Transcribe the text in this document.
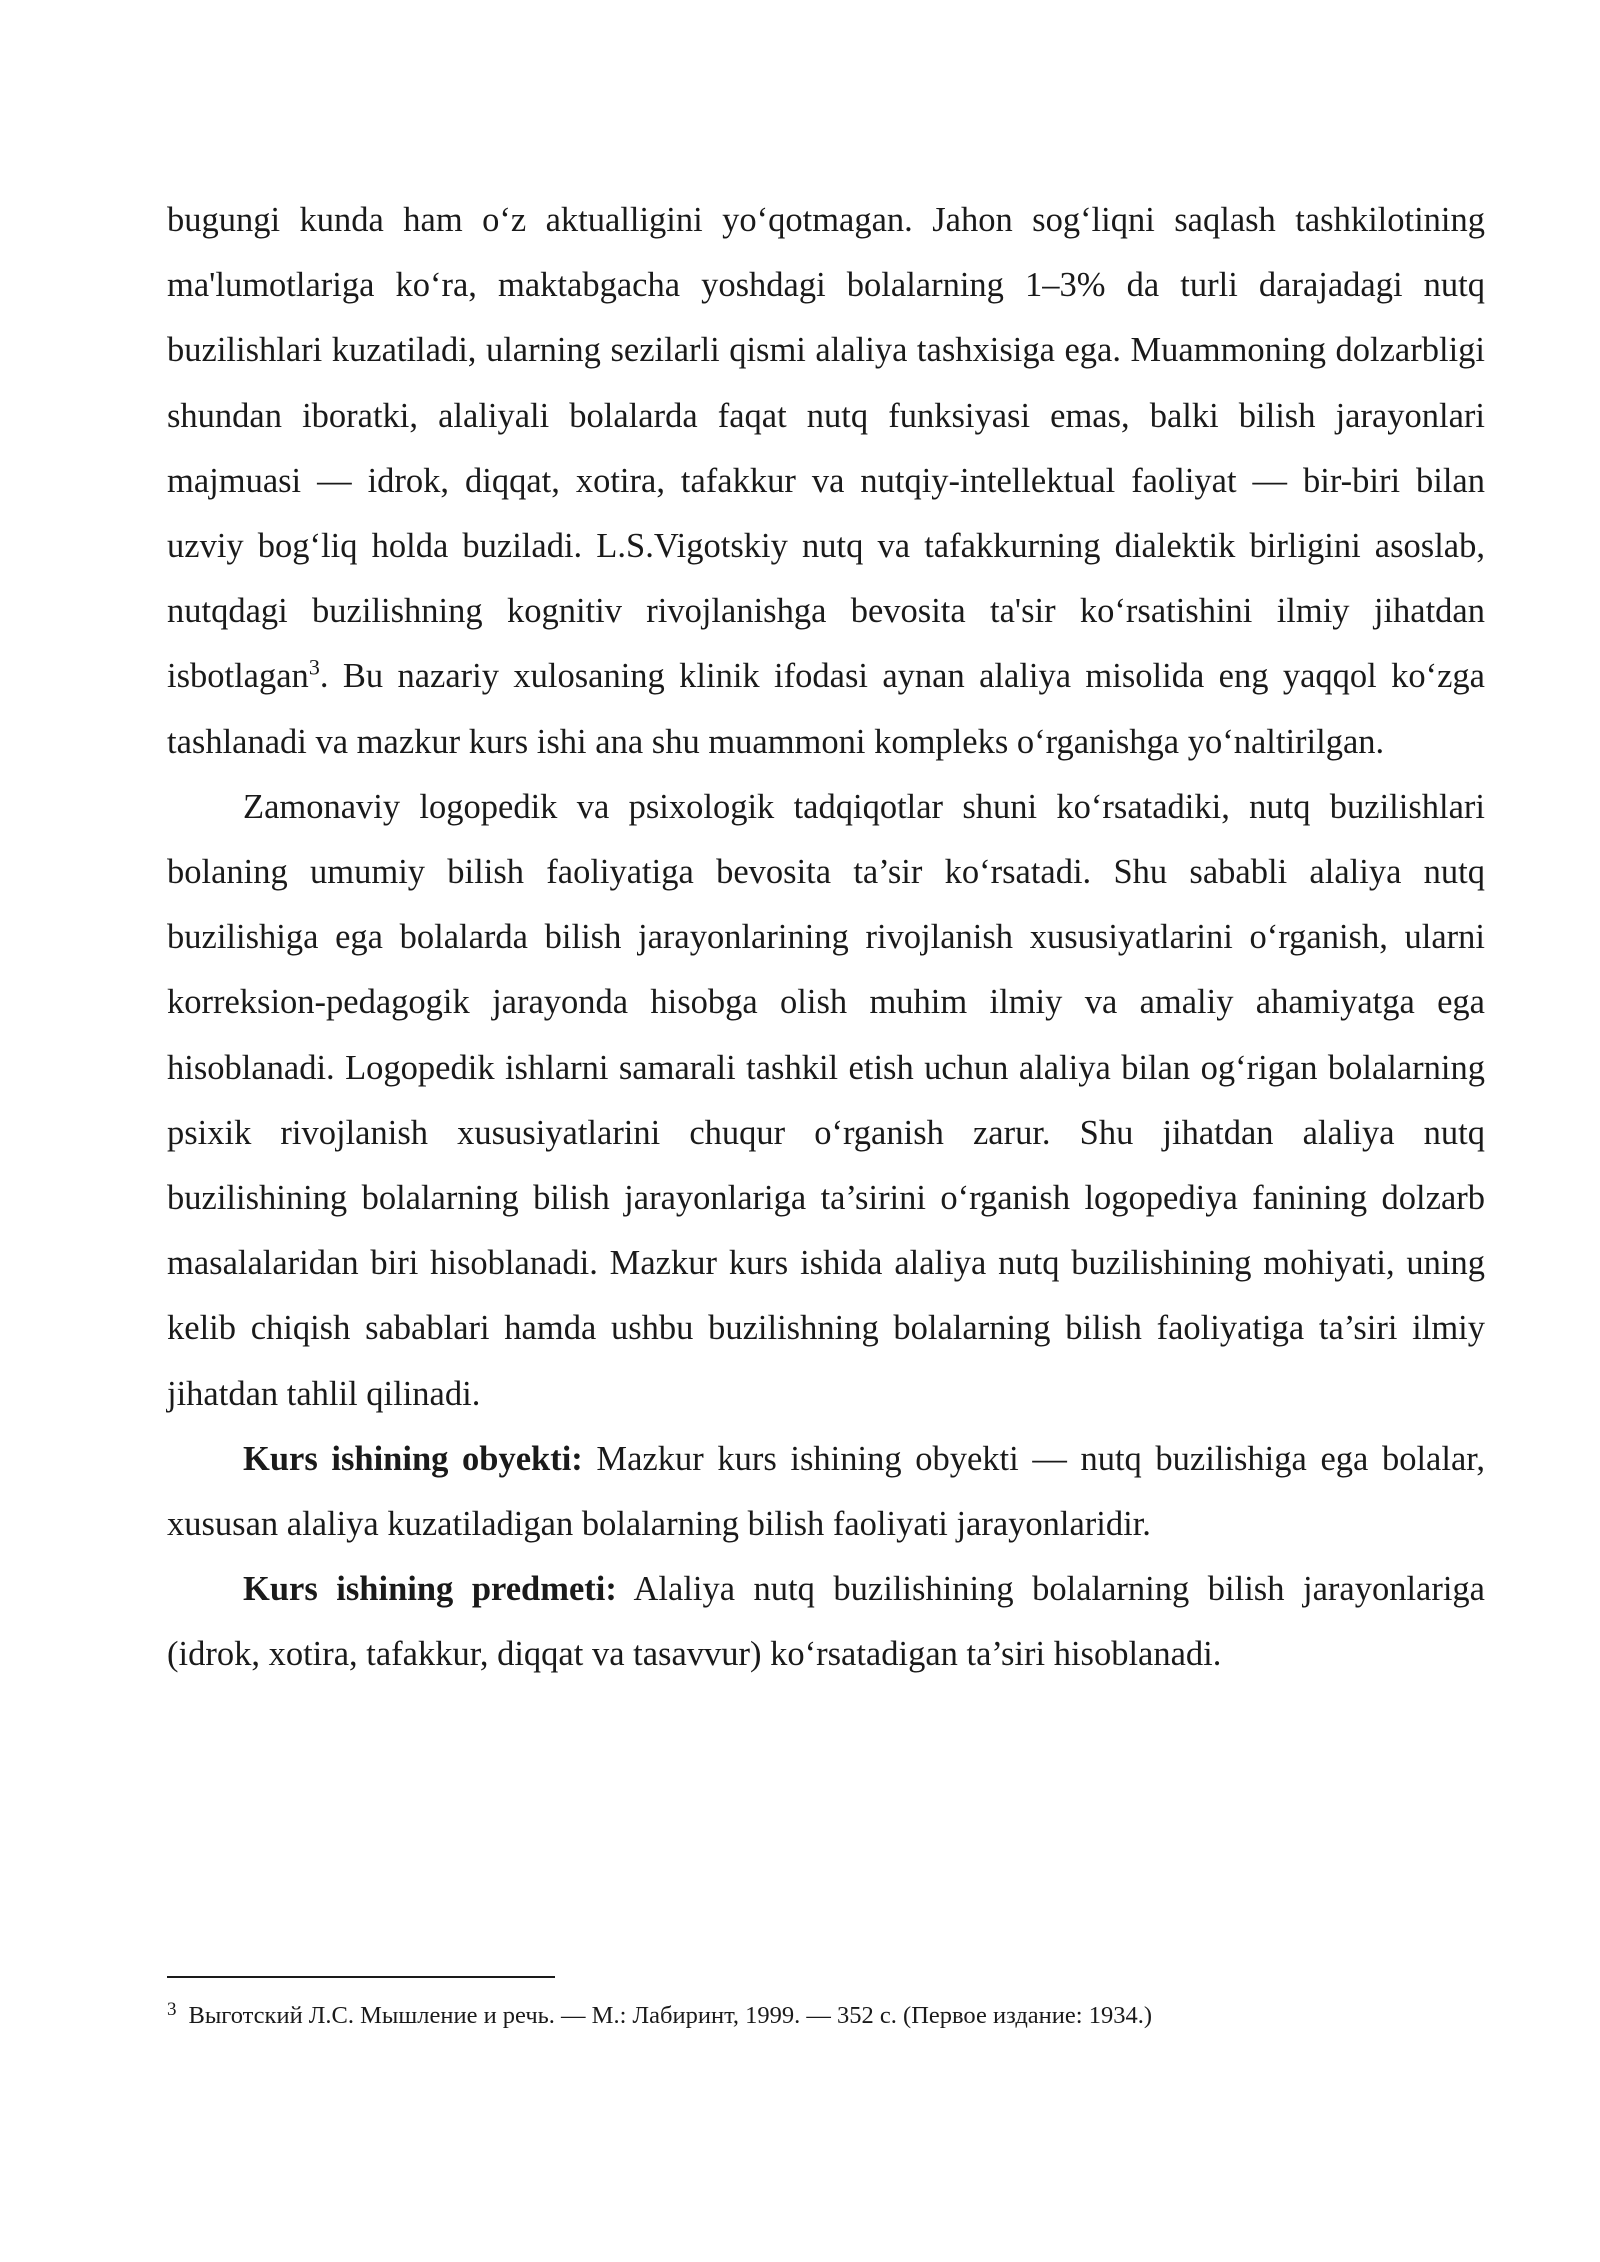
bugungi kunda ham o‘z aktualligini yo‘qotmagan. Jahon sog‘liqni saqlash tashkilotining ma'lumotlariga ko‘ra, maktabgacha yoshdagi bolalarning 1–3% da turli darajadagi nutq buzilishlari kuzatiladi, ularning sezilarli qismi alaliya tashxisiga ega. Muammoning dolzarbligi shundan iboratki, alaliyali bolalarda faqat nutq funksiyasi emas, balki bilish jarayonlari majmuasi — idrok, diqqat, xotira, tafakkur va nutqiy-intellektual faoliyat — bir-biri bilan uzviy bog‘liq holda buziladi. L.S.Vigotskiy nutq va tafakkurning dialektik birligini asoslab, nutqdagi buzilishning kognitiv rivojlanishga bevosita ta'sir ko‘rsatishini ilmiy jihatdan isbotlagan$^3$. Bu nazariy xulosaning klinik ifodasi aynan alaliya misolida eng yaqqol ko‘zga tashlanadi va mazkur kurs ishi ana shu muammoni kompleks o‘rganishga yo‘naltirilgan.

Zamonaviy logopedik va psixologik tadqiqotlar shuni ko‘rsatadiki, nutq buzilishlari bolaning umumiy bilish faoliyatiga bevosita ta’sir ko‘rsatadi. Shu sababli alaliya nutq buzilishiga ega bolalarda bilish jarayonlarining rivojlanish xususiyatlarini o‘rganish, ularni korreksion-pedagogik jarayonda hisobga olish muhim ilmiy va amaliy ahamiyatga ega hisoblanadi. Logopedik ishlarni samarali tashkil etish uchun alaliya bilan og‘rigan bolalarning psixik rivojlanish xususiyatlarini chuqur o‘rganish zarur. Shu jihatdan alaliya nutq buzilishining bolalarning bilish jarayonlariga ta’sirini o‘rganish logopediya fanining dolzarb masalalaridan biri hisoblanadi. Mazkur kurs ishida alaliya nutq buzilishining mohiyati, uning kelib chiqish sabablari hamda ushbu buzilishning bolalarning bilish faoliyatiga ta’siri ilmiy jihatdan tahlil qilinadi.

Kurs ishining obyekti: Mazkur kurs ishining obyekti — nutq buzilishiga ega bolalar, xususan alaliya kuzatiladigan bolalarning bilish faoliyati jarayonlaridir.

Kurs ishining predmeti: Alaliya nutq buzilishining bolalarning bilish jarayonlariga (idrok, xotira, tafakkur, diqqat va tasavvur) ko‘rsatadigan ta’siri hisoblanadi.

$^3$ Выготский Л.С. Мышление и речь. — М.: Лабиринт, 1999. — 352 с. (Первое издание: 1934.)
